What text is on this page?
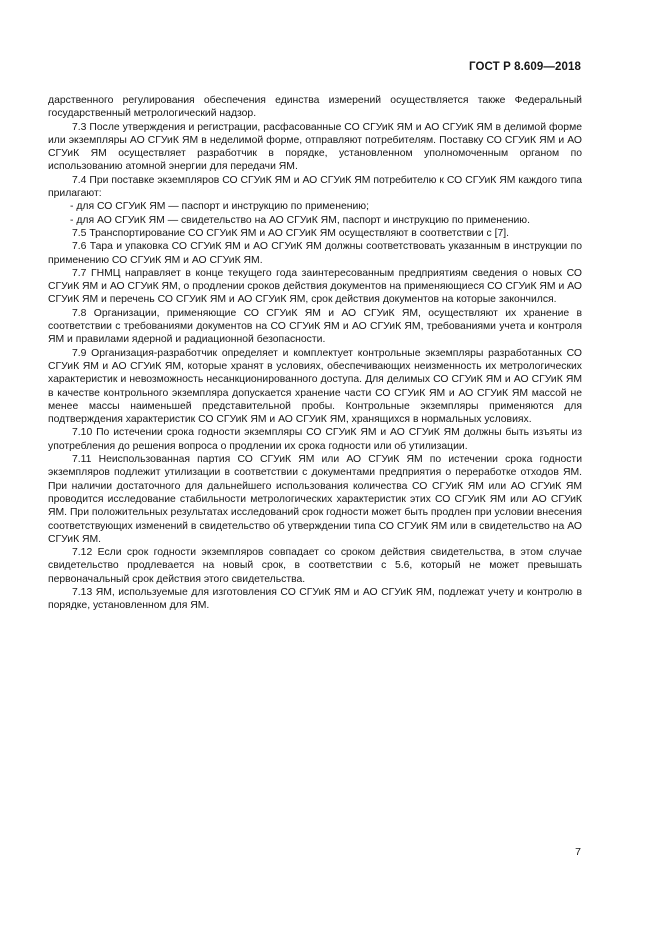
ГОСТ Р 8.609—2018

дарственного регулирования обеспечения единства измерений осуществляется также Федеральный государственный метрологический надзор.

7.3 После утверждения и регистрации, расфасованные СО СГУиК ЯМ и АО СГУиК ЯМ в делимой форме или экземпляры АО СГУиК ЯМ в неделимой форме, отправляют потребителям. Поставку СО СГУиК ЯМ и АО СГУиК ЯМ осуществляет разработчик в порядке, установленном уполномоченным органом по использованию атомной энергии для передачи ЯМ.

7.4 При поставке экземпляров СО СГУиК ЯМ и АО СГУиК ЯМ потребителю к СО СГУиК ЯМ каждого типа прилагают:

- для СО СГУиК ЯМ — паспорт и инструкцию по применению;

- для АО СГУиК ЯМ — свидетельство на АО СГУиК ЯМ, паспорт и инструкцию по применению.

7.5 Транспортирование СО СГУиК ЯМ и АО СГУиК ЯМ осуществляют в соответствии с [7].

7.6 Тара и упаковка СО СГУиК ЯМ и АО СГУиК ЯМ должны соответствовать указанным в инструкции по применению СО СГУиК ЯМ и АО СГУиК ЯМ.

7.7 ГНМЦ направляет в конце текущего года заинтересованным предприятиям сведения о новых СО СГУиК ЯМ и АО СГУиК ЯМ, о продлении сроков действия документов на применяющиеся СО СГУиК ЯМ и АО СГУиК ЯМ и перечень СО СГУиК ЯМ и АО СГУиК ЯМ, срок действия документов на которые закончился.

7.8 Организации, применяющие СО СГУиК ЯМ и АО СГУиК ЯМ, осуществляют их хранение в соответствии с требованиями документов на СО СГУиК ЯМ и АО СГУиК ЯМ, требованиями учета и контроля ЯМ и правилами ядерной и радиационной безопасности.

7.9 Организация-разработчик определяет и комплектует контрольные экземпляры разработанных СО СГУиК ЯМ и АО СГУиК ЯМ, которые хранят в условиях, обеспечивающих неизменность их метрологических характеристик и невозможность несанкционированного доступа. Для делимых СО СГУиК ЯМ и АО СГУиК ЯМ в качестве контрольного экземпляра допускается хранение части СО СГУиК ЯМ и АО СГУиК ЯМ массой не менее массы наименьшей представительной пробы. Контрольные экземпляры применяются для подтверждения характеристик СО СГУиК ЯМ и АО СГУиК ЯМ, хранящихся в нормальных условиях.

7.10 По истечении срока годности экземпляры СО СГУиК ЯМ и АО СГУиК ЯМ должны быть изъяты из употребления до решения вопроса о продлении их срока годности или об утилизации.

7.11 Неиспользованная партия СО СГУиК ЯМ или АО СГУиК ЯМ по истечении срока годности экземпляров подлежит утилизации в соответствии с документами предприятия о переработке отходов ЯМ. При наличии достаточного для дальнейшего использования количества СО СГУиК ЯМ или АО СГУиК ЯМ проводится исследование стабильности метрологических характеристик этих СО СГУиК ЯМ или АО СГУиК ЯМ. При положительных результатах исследований срок годности может быть продлен при условии внесения соответствующих изменений в свидетельство об утверждении типа СО СГУиК ЯМ или в свидетельство на АО СГУиК ЯМ.

7.12 Если срок годности экземпляров совпадает со сроком действия свидетельства, в этом случае свидетельство продлевается на новый срок, в соответствии с 5.6, который не может превышать первоначальный срок действия этого свидетельства.

7.13 ЯМ, используемые для изготовления СО СГУиК ЯМ и АО СГУиК ЯМ, подлежат учету и контролю в порядке, установленном для ЯМ.

7
